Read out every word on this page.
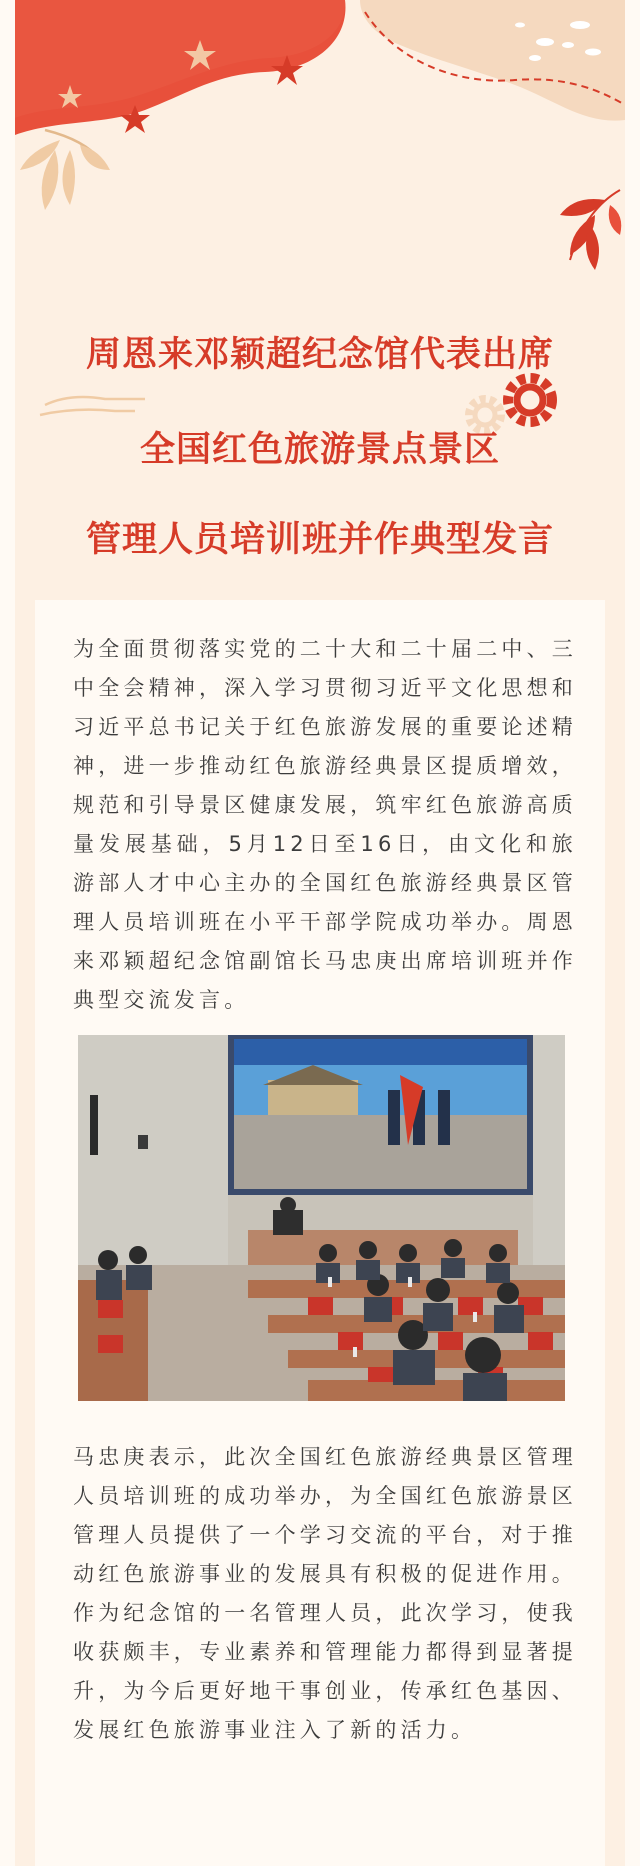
周恩来邓颖超纪念馆代表出席
全国红色旅游景点景区
管理人员培训班并作典型发言

为全面贯彻落实党的二十大和二十届二中、三中全会精神，深入学习贯彻习近平文化思想和习近平总书记关于红色旅游发展的重要论述精神，进一步推动红色旅游经典景区提质增效，规范和引导景区健康发展，筑牢红色旅游高质量发展基础，5月12日至16日，由文化和旅游部人才中心主办的全国红色旅游经典景区管理人员培训班在小平干部学院成功举办。周恩来邓颖超纪念馆副馆长马忠庚出席培训班并作典型交流发言。

马忠庚表示，此次全国红色旅游经典景区管理人员培训班的成功举办，为全国红色旅游景区管理人员提供了一个学习交流的平台，对于推动红色旅游事业的发展具有积极的促进作用。作为纪念馆的一名管理人员，此次学习，使我收获颇丰，专业素养和管理能力都得到显著提升，为今后更好地干事创业，传承红色基因、发展红色旅游事业注入了新的活力。
